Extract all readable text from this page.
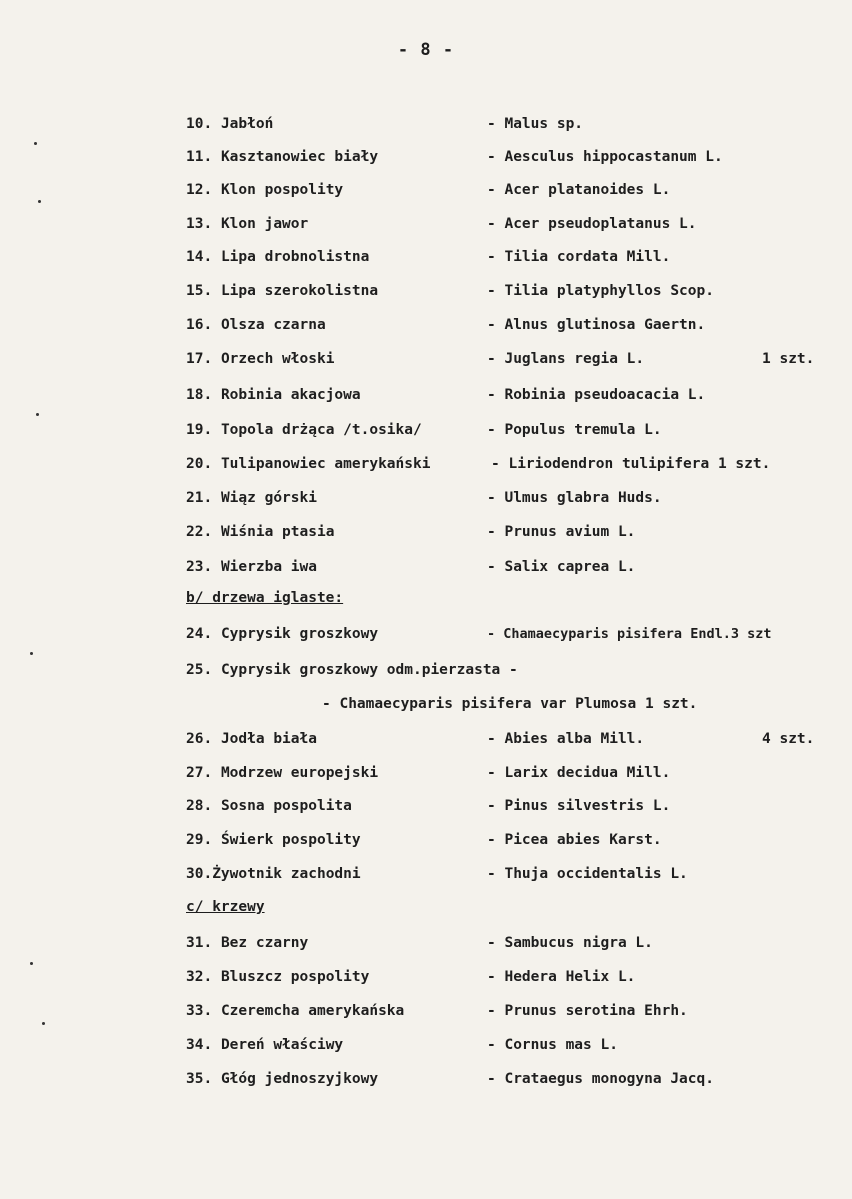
- 8 -
10. Jabłoń	- Malus sp.
11. Kasztanowiec biały	- Aesculus hippocastanum L.
12. Klon pospolity	- Acer platanoides L.
13. Klon jawor	- Acer pseudoplatanus L.
14. Lipa drobnolistna	- Tilia cordata Mill.
15. Lipa szerokolistna	- Tilia platyphyllos Scop.
16. Olsza czarna	- Alnus glutinosa Gaertn.
17. Orzech włoski	- Juglans regia L.	1 szt.
18. Robinia akacjowa	- Robinia pseudoacacia L.
19. Topola drżąca /t.osika/	- Populus tremula L.
20. Tulipanowiec amerykański	- Liriodendron tulipifera 1 szt.
21. Wiąz górski	- Ulmus glabra Huds.
22. Wiśnia ptasia	- Prunus avium L.
23. Wierzba iwa	- Salix caprea L.
b/ drzewa iglaste:
24. Cyprysik groszkowy	- Chamaecyparis pisifera Endl.3 szt
25. Cyprysik groszkowy odm.pierzasta -
- Chamaecyparis pisifera var Plumosa 1 szt.
26. Jodła biała	- Abies alba Mill.	4 szt.
27. Modrzew europejski	- Larix decidua Mill.
28. Sosna pospolita	- Pinus silvestris L.
29. Świerk pospolity	- Picea abies Karst.
30.Żywotnik zachodni	- Thuja occidentalis L.
c/ krzewy
31. Bez czarny	- Sambucus nigra L.
32. Bluszcz pospolity	- Hedera Helix L.
33. Czeremcha amerykańska	- Prunus serotina Ehrh.
34. Dereń właściwy	- Cornus mas L.
35. Głóg jednoszyjkowy	- Crataegus monogyna Jacq.
